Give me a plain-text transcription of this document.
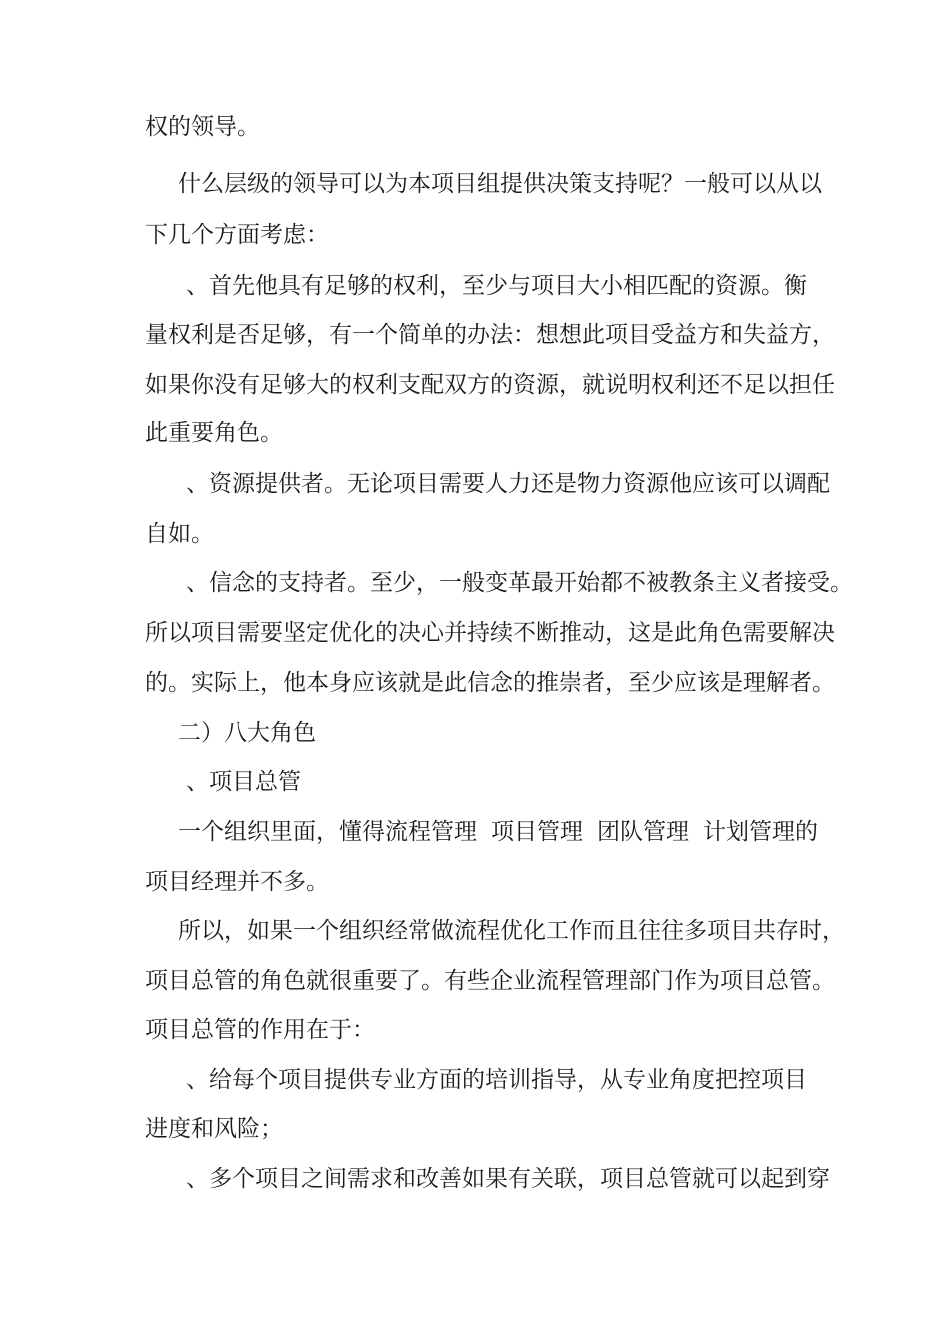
权的领导。
什么层级的领导可以为本项目组提供决策支持呢？一般可以从以
下几个方面考虑：
、首先他具有足够的权利，至少与项目大小相匹配的资源。衡
量权利是否足够，有一个简单的办法：想想此项目受益方和失益方，
如果你没有足够大的权利支配双方的资源，就说明权利还不足以担任
此重要角色。
、资源提供者。无论项目需要人力还是物力资源他应该可以调配
自如。
、信念的支持者。至少，一般变革最开始都不被教条主义者接受。
所以项目需要坚定优化的决心并持续不断推动，这是此角色需要解决
的。实际上，他本身应该就是此信念的推崇者，至少应该是理解者。
二）八大角色
、项目总管
一个组织里面，懂得流程管理 项目管理 团队管理 计划管理的
项目经理并不多。
所以，如果一个组织经常做流程优化工作而且往往多项目共存时，
项目总管的角色就很重要了。有些企业流程管理部门作为项目总管。
项目总管的作用在于：
、给每个项目提供专业方面的培训指导，从专业角度把控项目
进度和风险；
、多个项目之间需求和改善如果有关联，项目总管就可以起到穿
